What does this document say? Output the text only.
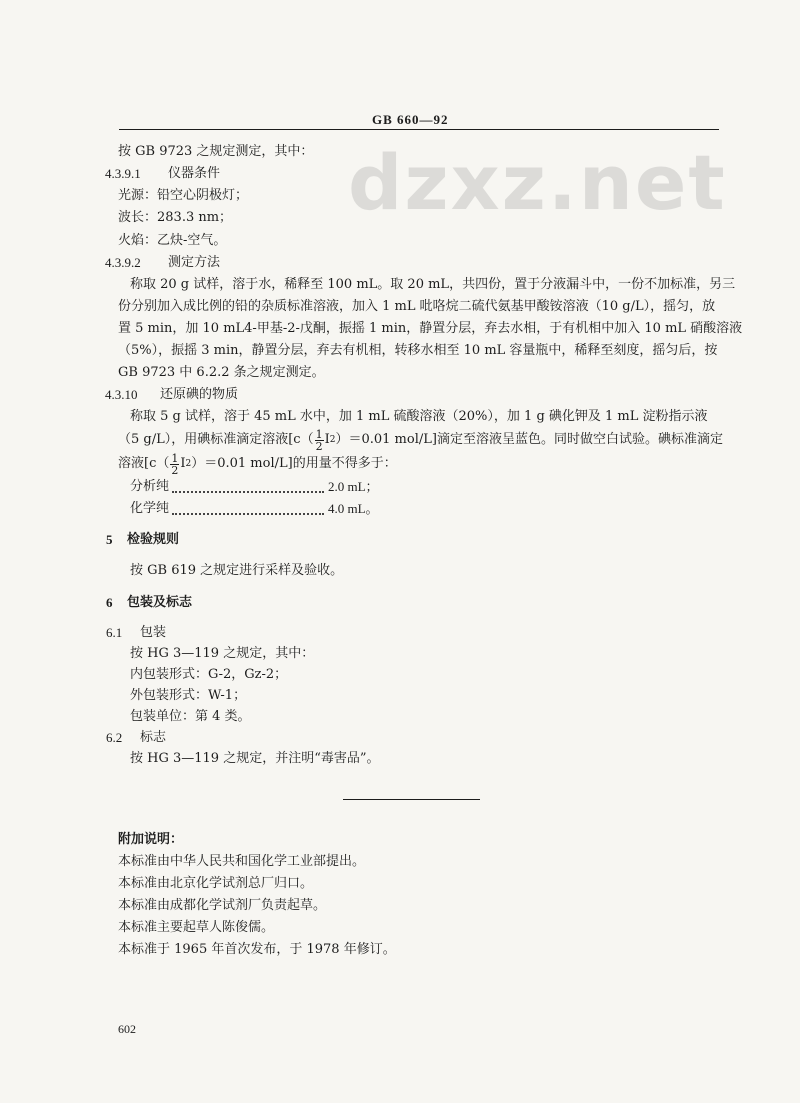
dzxz.net
GB 660—92
按 GB 9723 之规定测定，其中：
4.3.9.1 仪器条件
光源：铅空心阴极灯；
波长：283.3 nm；
火焰：乙炔-空气。
4.3.9.2 测定方法
称取 20 g 试样，溶于水，稀释至 100 mL。取 20 mL，共四份，置于分液漏斗中，一份不加标准，另三
份分别加入成比例的铅的杂质标准溶液，加入 1 mL 吡咯烷二硫代氨基甲酸铵溶液（10 g/L），摇匀，放
置 5 min，加 10 mL4-甲基-2-戊酮，振摇 1 min，静置分层，弃去水相，于有机相中加入 10 mL 硝酸溶液
（5%），振摇 3 min，静置分层，弃去有机相，转移水相至 10 mL 容量瓶中，稀释至刻度，摇匀后，按
GB 9723 中 6.2.2 条之规定测定。
4.3.10 还原碘的物质
称取 5 g 试样，溶于 45 mL 水中，加 1 mL 硫酸溶液（20%），加 1 g 碘化钾及 1 mL 淀粉指示液
（5 g/L），用碘标准滴定溶液[$c( \frac{1}{2}$ I 2 ）＝0.01 mol/L]滴定至溶液呈蓝色。同时做空白试验。碘标准滴定
溶液[$c( \frac{1}{2}$ I 2 ）＝0.01 mol/L]的用量不得多于：
分析纯	2.0 mL；
化学纯	4.0 mL。
5 检验规则
按 GB 619 之规定进行采样及验收。
6 包装及标志
6.1 包装
按 HG 3—119 之规定，其中：
内包装形式：G-2，Gz-2；
外包装形式：W-1；
包装单位：第 4 类。
6.2 标志
按 HG 3—119 之规定，并注明“毒害品”。
附加说明：
本标准由中华人民共和国化学工业部提出。
本标准由北京化学试剂总厂归口。
本标准由成都化学试剂厂负责起草。
本标准主要起草人陈俊儒。
本标准于 1965 年首次发布，于 1978 年修订。
602
